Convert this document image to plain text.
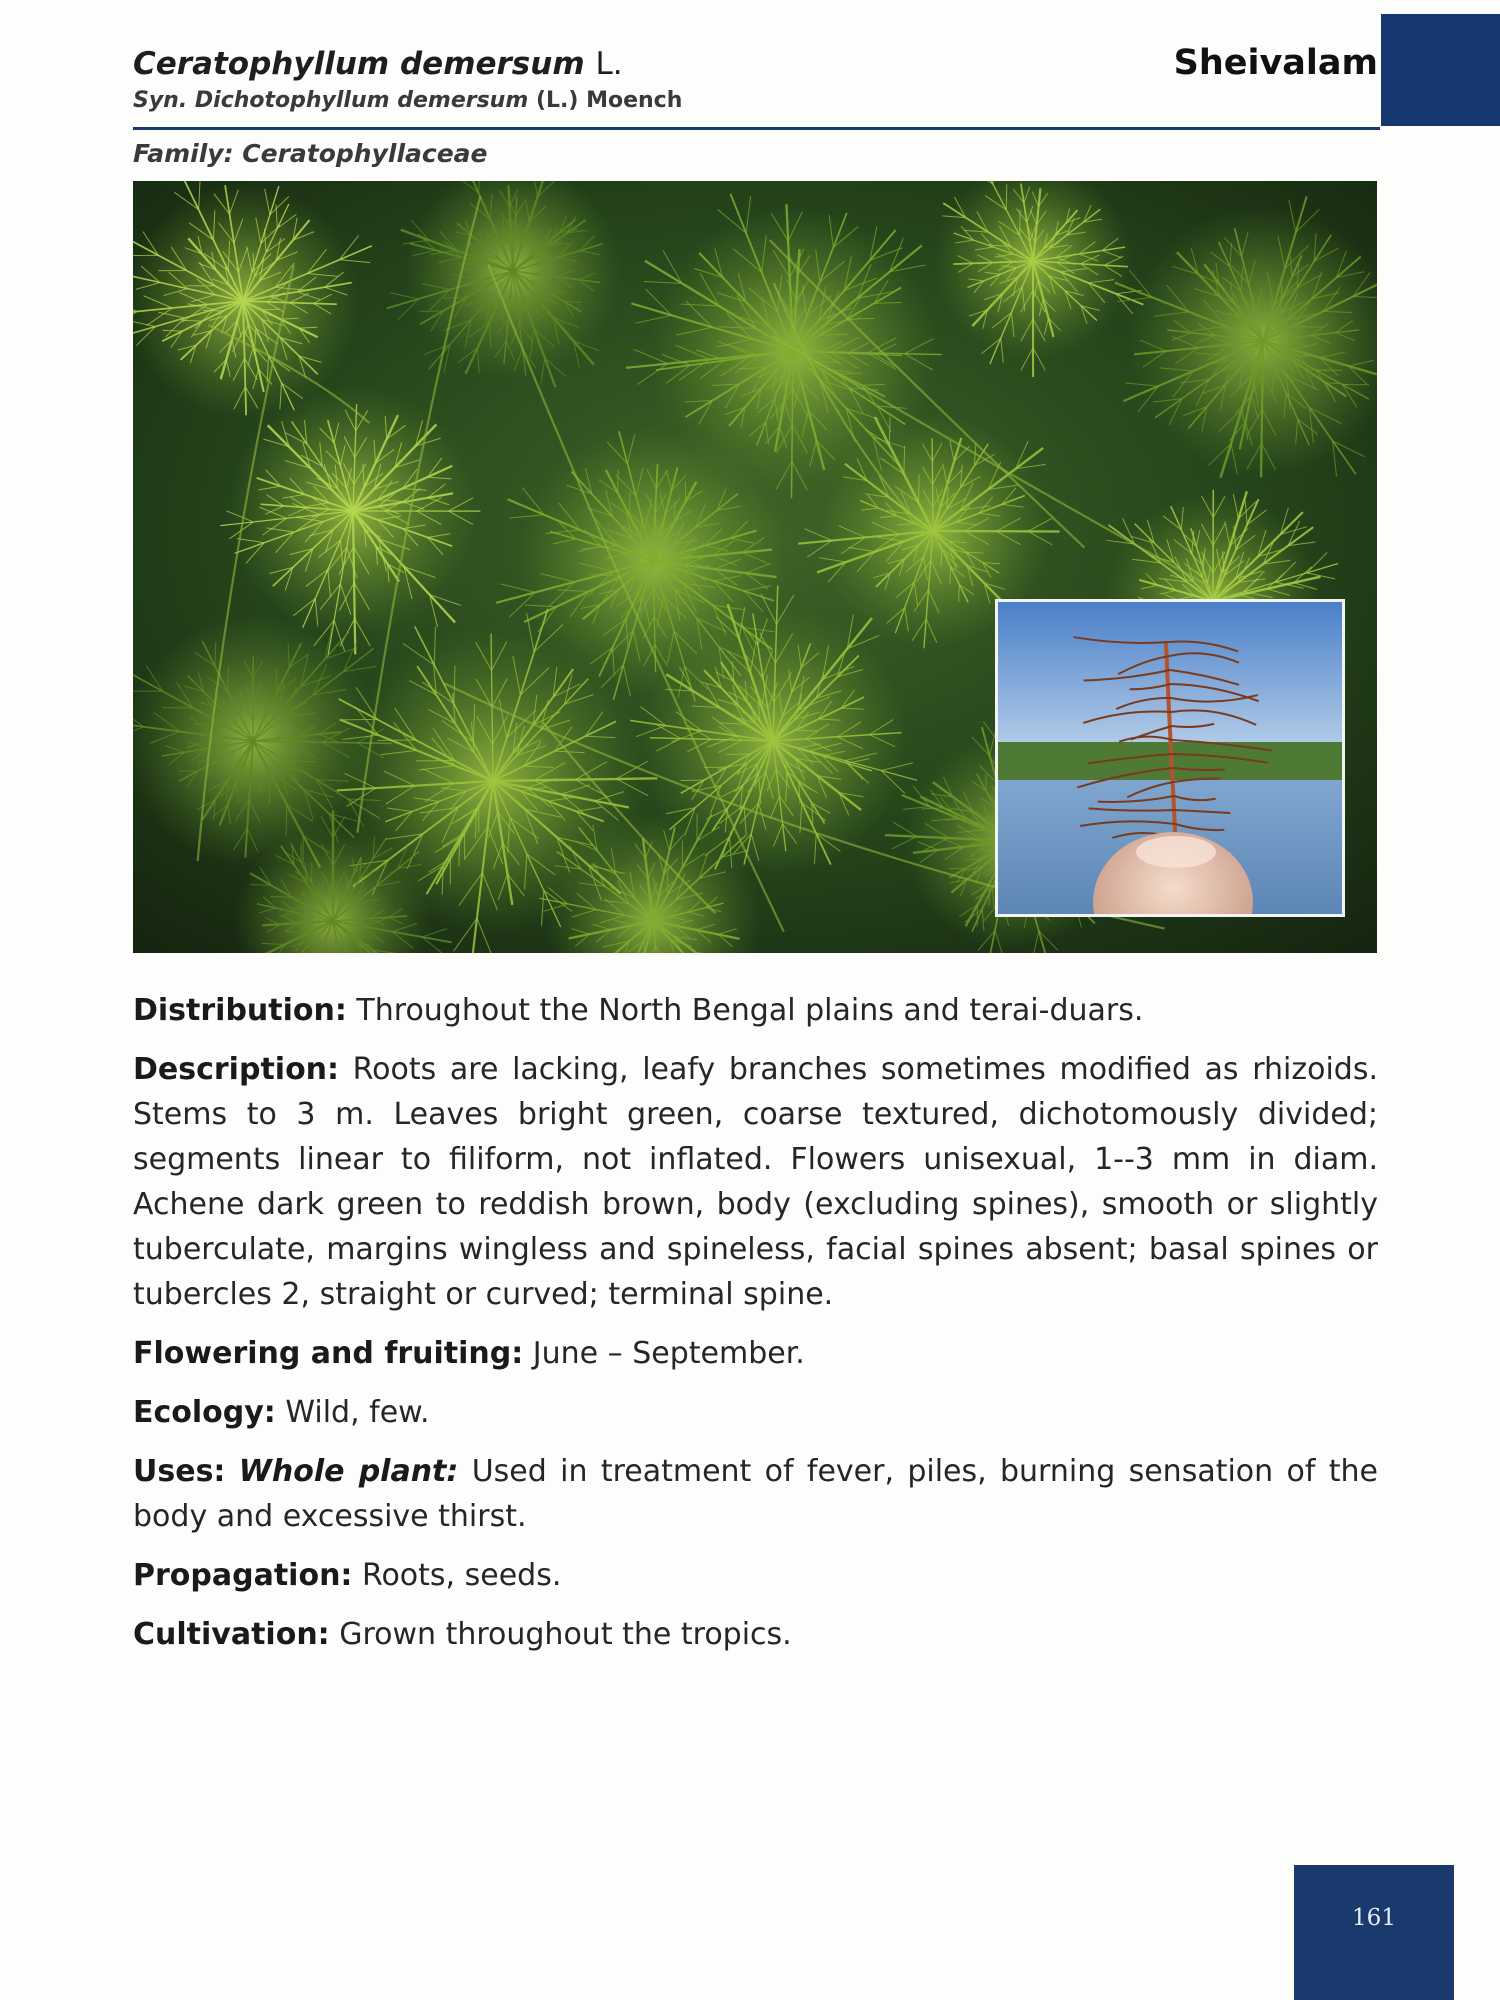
Ceratophyllum demersum L.
Syn. Dichotophyllum demersum (L.) Moench
Sheivalam
Family: Ceratophyllaceae

Distribution: Throughout the North Bengal plains and terai-duars.

Description: Roots are lacking, leafy branches sometimes modified as rhizoids. Stems to 3 m. Leaves bright green, coarse textured, dichotomously divided; segments linear to filiform, not inflated. Flowers unisexual, 1--3 mm in diam. Achene dark green to reddish brown, body (excluding spines), smooth or slightly tuberculate, margins wingless and spineless, facial spines absent; basal spines or tubercles 2, straight or curved; terminal spine.

Flowering and fruiting: June – September.

Ecology: Wild, few.

Uses: Whole plant: Used in treatment of fever, piles, burning sensation of the body and excessive thirst.

Propagation: Roots, seeds.

Cultivation: Grown throughout the tropics.

161
